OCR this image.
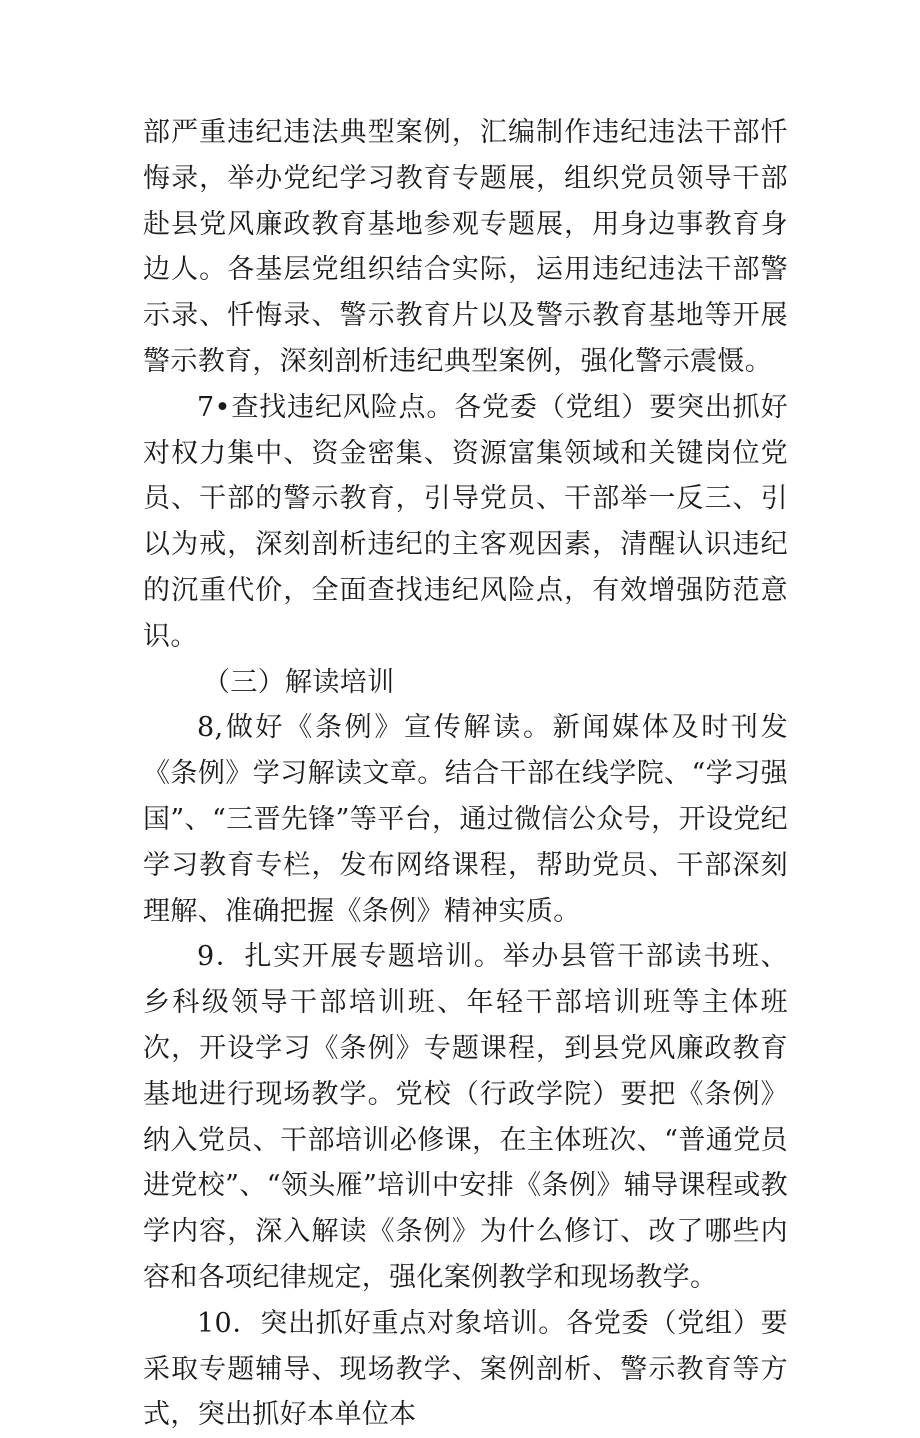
部严重违纪违法典型案例，汇编制作违纪违法干部忏悔录，举办党纪学习教育专题展，组织党员领导干部赴县党风廉政教育基地参观专题展，用身边事教育身边人。各基层党组织结合实际，运用违纪违法干部警示录、忏悔录、警示教育片以及警示教育基地等开展警示教育，深刻剖析违纪典型案例，强化警示震慑。

7•查找违纪风险点。各党委（党组）要突出抓好对权力集中、资金密集、资源富集领域和关键岗位党员、干部的警示教育，引导党员、干部举一反三、引以为戒，深刻剖析违纪的主客观因素，清醒认识违纪的沉重代价，全面查找违纪风险点，有效增强防范意识。

（三）解读培训

8,做好《条例》宣传解读。新闻媒体及时刊发《条例》学习解读文章。结合干部在线学院、“学习强国”、“三晋先锋”等平台，通过微信公众号，开设党纪学习教育专栏，发布网络课程，帮助党员、干部深刻理解、准确把握《条例》精神实质。

9．扎实开展专题培训。举办县管干部读书班、乡科级领导干部培训班、年轻干部培训班等主体班次，开设学习《条例》专题课程，到县党风廉政教育基地进行现场教学。党校（行政学院）要把《条例》纳入党员、干部培训必修课，在主体班次、“普通党员进党校”、“领头雁”培训中安排《条例》辅导课程或教学内容，深入解读《条例》为什么修订、改了哪些内容和各项纪律规定，强化案例教学和现场教学。

10．突出抓好重点对象培训。各党委（党组）要采取专题辅导、现场教学、案例剖析、警示教育等方式，突出抓好本单位本
